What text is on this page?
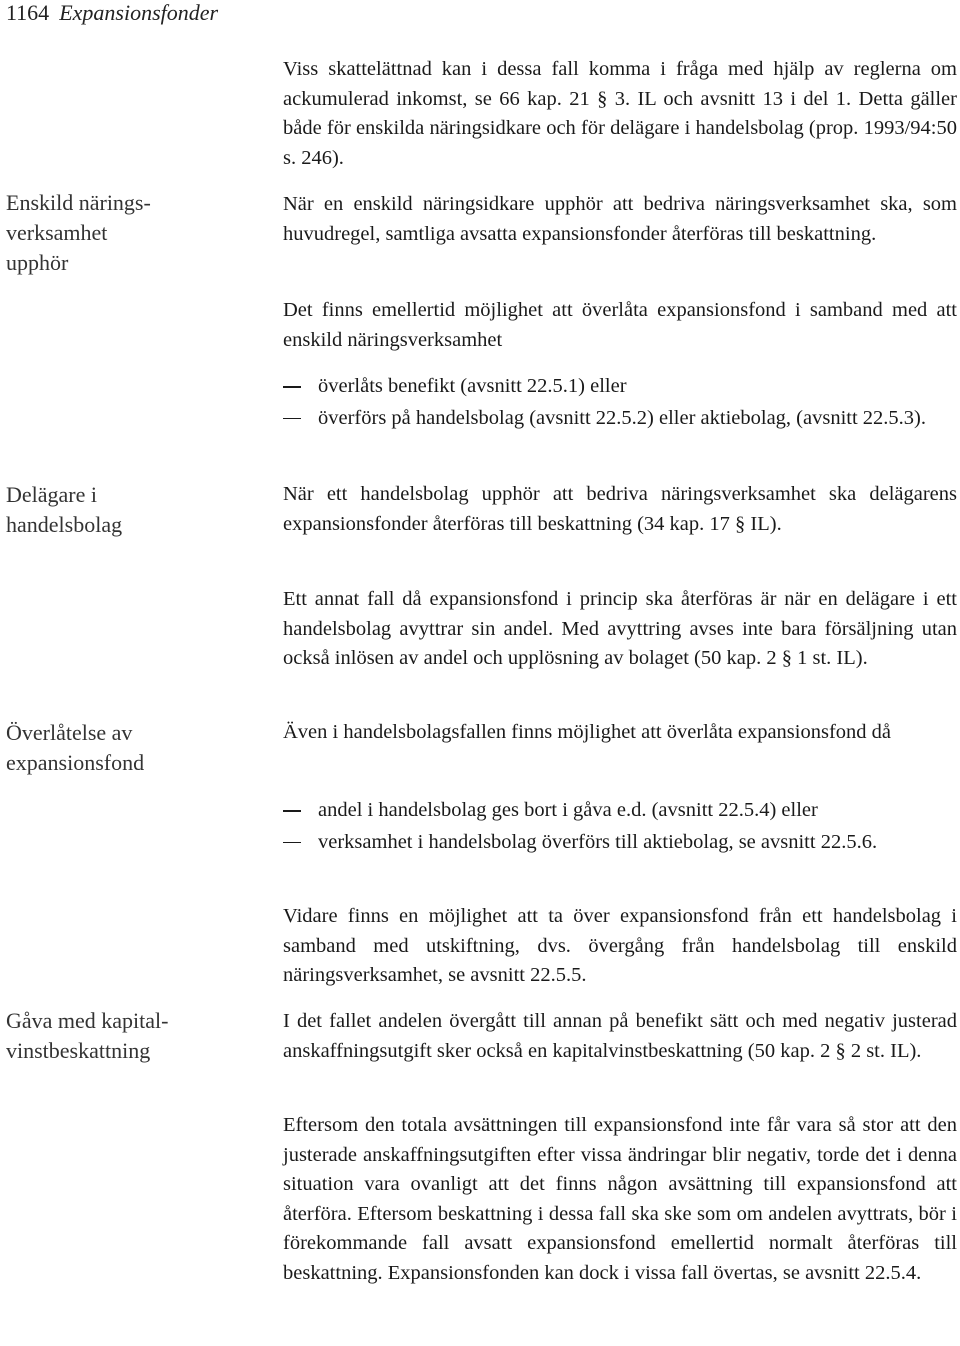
1164 Expansionsfonder
Enskild närings-
verksamhet
upphör
Delägare i
handelsbolag
Överlåtelse av
expansionsfond
Gåva med kapital-
vinstbeskattning

Viss skattelättnad kan i dessa fall komma i fråga med hjälp av reglerna om ackumulerad inkomst, se 66 kap. 21 § 3. IL och avsnitt 13 i del 1. Detta gäller både för enskilda näringsidkare och för delägare i handelsbolag (prop. 1993/94:50 s. 246).

När en enskild näringsidkare upphör att bedriva näringsverksamhet ska, som huvudregel, samtliga avsatta expansionsfonder återföras till beskattning.

Det finns emellertid möjlighet att överlåta expansionsfond i samband med att enskild näringsverksamhet

överlåts benefikt (avsnitt 22.5.1) eller
överförs på handelsbolag (avsnitt 22.5.2) eller aktiebolag, (avsnitt 22.5.3).

När ett handelsbolag upphör att bedriva näringsverksamhet ska delägarens expansionsfonder återföras till beskattning (34 kap. 17 § IL).

Ett annat fall då expansionsfond i princip ska återföras är när en delägare i ett handelsbolag avyttrar sin andel. Med avyttring avses inte bara försäljning utan också inlösen av andel och upplösning av bolaget (50 kap. 2 § 1 st. IL).

Även i handelsbolagsfallen finns möjlighet att överlåta expansionsfond då

andel i handelsbolag ges bort i gåva e.d. (avsnitt 22.5.4) eller
verksamhet i handelsbolag överförs till aktiebolag, se avsnitt 22.5.6.

Vidare finns en möjlighet att ta över expansionsfond från ett handelsbolag i samband med utskiftning, dvs. övergång från handelsbolag till enskild näringsverksamhet, se avsnitt 22.5.5.

I det fallet andelen övergått till annan på benefikt sätt och med negativ justerad anskaffningsutgift sker också en kapitalvinstbeskattning (50 kap. 2 § 2 st. IL).

Eftersom den totala avsättningen till expansionsfond inte får vara så stor att den justerade anskaffningsutgiften efter vissa ändringar blir negativ, torde det i denna situation vara ovanligt att det finns någon avsättning till expansionsfond att återföra. Eftersom beskattning i dessa fall ska ske som om andelen avyttrats, bör i förekommande fall avsatt expansionsfond emellertid normalt återföras till beskattning. Expansionsfonden kan dock i vissa fall övertas, se avsnitt 22.5.4.
